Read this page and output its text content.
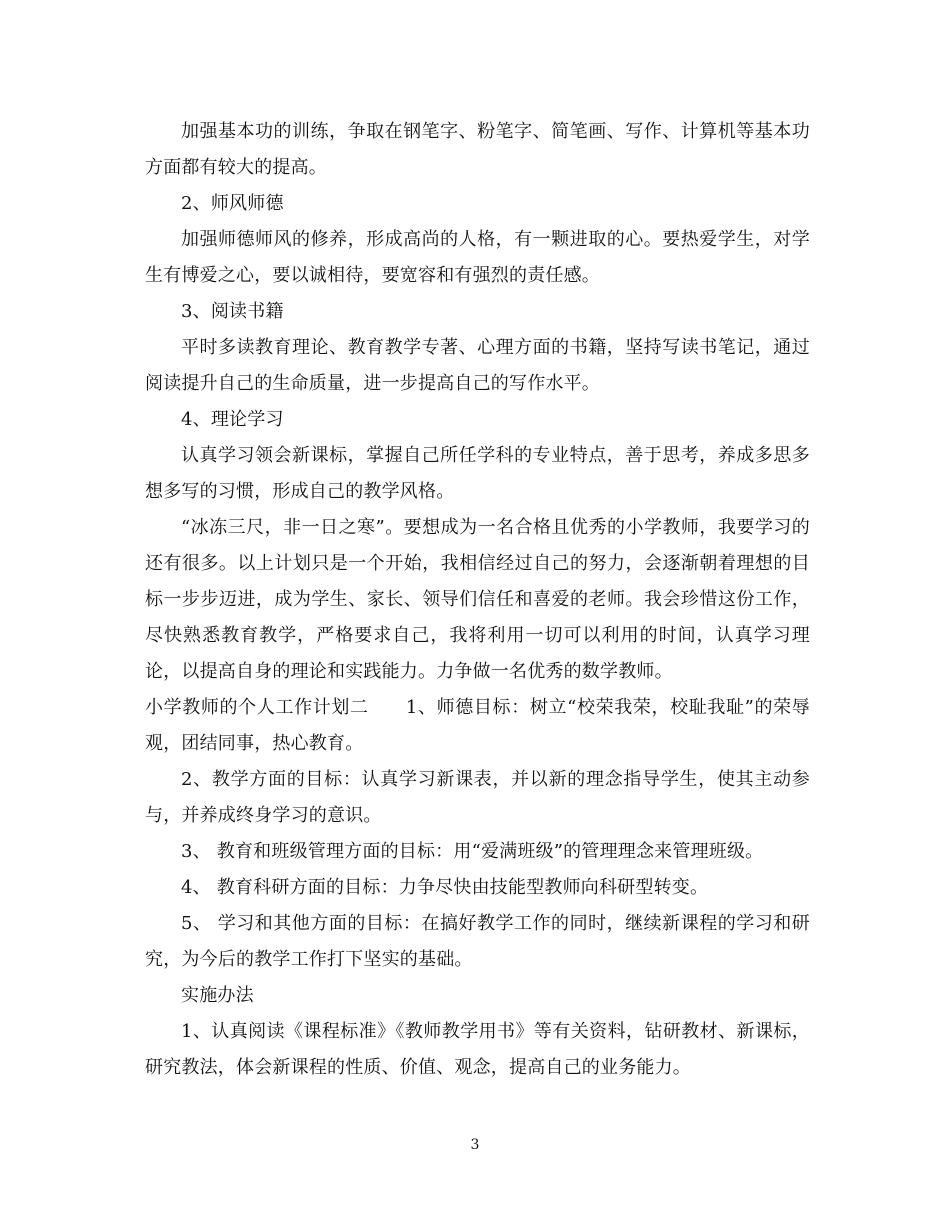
加强基本功的训练，争取在钢笔字、粉笔字、简笔画、写作、计算机等基本功方面都有较大的提高。

2、师风师德

加强师德师风的修养，形成高尚的人格，有一颗进取的心。要热爱学生，对学生有博爱之心，要以诚相待，要宽容和有强烈的责任感。

3、阅读书籍

平时多读教育理论、教育教学专著、心理方面的书籍，坚持写读书笔记，通过阅读提升自己的生命质量，进一步提高自己的写作水平。

4、理论学习

认真学习领会新课标，掌握自己所任学科的专业特点，善于思考，养成多思多想多写的习惯，形成自己的教学风格。

“冰冻三尺，非一日之寒”。要想成为一名合格且优秀的小学教师，我要学习的还有很多。以上计划只是一个开始，我相信经过自己的努力，会逐渐朝着理想的目标一步步迈进，成为学生、家长、领导们信任和喜爱的老师。我会珍惜这份工作，尽快熟悉教育教学，严格要求自己，我将利用一切可以利用的时间，认真学习理论，以提高自身的理论和实践能力。力争做一名优秀的数学教师。

小学教师的个人工作计划二　　1、师德目标：树立“校荣我荣，校耻我耻”的荣辱观，团结同事，热心教育。

2、教学方面的目标：认真学习新课表，并以新的理念指导学生，使其主动参与，并养成终身学习的意识。

3、 教育和班级管理方面的目标：用“爱满班级”的管理理念来管理班级。

4、 教育科研方面的目标：力争尽快由技能型教师向科研型转变。

5、 学习和其他方面的目标：在搞好教学工作的同时，继续新课程的学习和研究，为今后的教学工作打下坚实的基础。

实施办法

1、认真阅读《课程标准》《教师教学用书》等有关资料，钻研教材、新课标，研究教法，体会新课程的性质、价值、观念，提高自己的业务能力。

3
